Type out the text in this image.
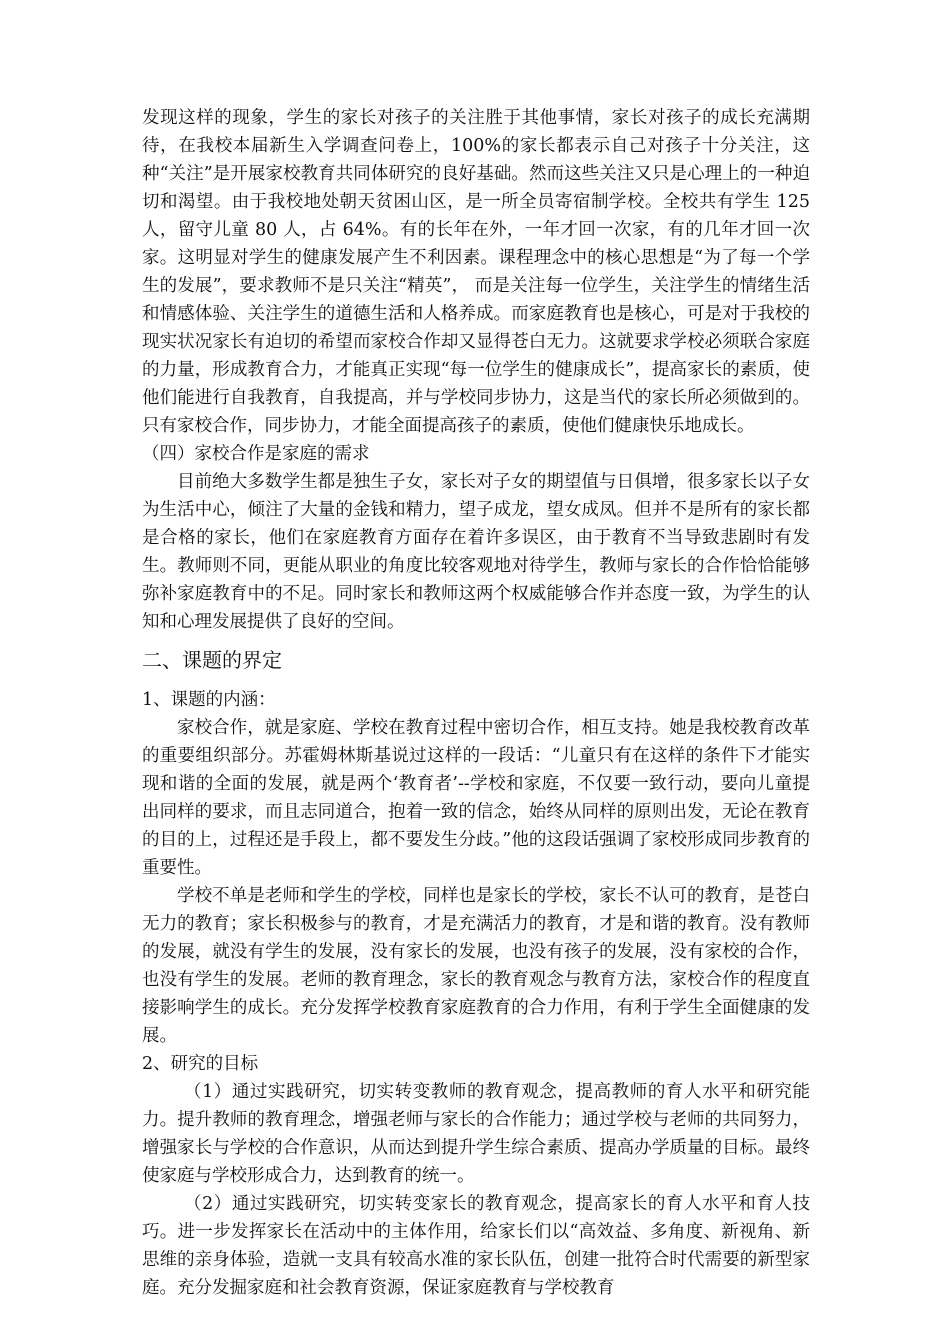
发现这样的现象，学生的家长对孩子的关注胜于其他事情，家长对孩子的成长充满期待，在我校本届新生入学调查问卷上，100%的家长都表示自己对孩子十分关注，这种“关注”是开展家校教育共同体研究的良好基础。然而这些关注又只是心理上的一种迫切和渴望。由于我校地处朝天贫困山区，是一所全员寄宿制学校。全校共有学生 125 人，留守儿童 80 人，占 64%。有的长年在外，一年才回一次家，有的几年才回一次家。这明显对学生的健康发展产生不利因素。课程理念中的核心思想是“为了每一个学生的发展”，要求教师不是只关注“精英”， 而是关注每一位学生，关注学生的情绪生活和情感体验、关注学生的道德生活和人格养成。而家庭教育也是核心，可是对于我校的现实状况家长有迫切的希望而家校合作却又显得苍白无力。这就要求学校必须联合家庭的力量，形成教育合力，才能真正实现“每一位学生的健康成长”，提高家长的素质，使他们能进行自我教育，自我提高，并与学校同步协力，这是当代的家长所必须做到的。只有家校合作，同步协力，才能全面提高孩子的素质，使他们健康快乐地成长。

（四）家校合作是家庭的需求

目前绝大多数学生都是独生子女，家长对子女的期望值与日俱增，很多家长以子女为生活中心，倾注了大量的金钱和精力，望子成龙，望女成凤。但并不是所有的家长都是合格的家长，他们在家庭教育方面存在着许多误区，由于教育不当导致悲剧时有发生。教师则不同，更能从职业的角度比较客观地对待学生，教师与家长的合作恰恰能够弥补家庭教育中的不足。同时家长和教师这两个权威能够合作并态度一致，为学生的认知和心理发展提供了良好的空间。

二、课题的界定

1、课题的内涵：

家校合作，就是家庭、学校在教育过程中密切合作，相互支持。她是我校教育改革的重要组织部分。苏霍姆林斯基说过这样的一段话：“儿童只有在这样的条件下才能实现和谐的全面的发展，就是两个‘教育者’--学校和家庭，不仅要一致行动，要向儿童提出同样的要求，而且志同道合，抱着一致的信念，始终从同样的原则出发，无论在教育的目的上，过程还是手段上，都不要发生分歧。”他的这段话强调了家校形成同步教育的重要性。

学校不单是老师和学生的学校，同样也是家长的学校，家长不认可的教育，是苍白无力的教育；家长积极参与的教育，才是充满活力的教育，才是和谐的教育。没有教师的发展，就没有学生的发展，没有家长的发展，也没有孩子的发展，没有家校的合作，也没有学生的发展。老师的教育理念，家长的教育观念与教育方法，家校合作的程度直接影响学生的成长。充分发挥学校教育家庭教育的合力作用，有利于学生全面健康的发展。

2、研究的目标

（1）通过实践研究，切实转变教师的教育观念，提高教师的育人水平和研究能力。提升教师的教育理念，增强老师与家长的合作能力；通过学校与老师的共同努力，增强家长与学校的合作意识，从而达到提升学生综合素质、提高办学质量的目标。最终使家庭与学校形成合力，达到教育的统一。

（2）通过实践研究，切实转变家长的教育观念，提高家长的育人水平和育人技巧。进一步发挥家长在活动中的主体作用，给家长们以“高效益、多角度、新视角、新思维的亲身体验，造就一支具有较高水准的家长队伍，创建一批符合时代需要的新型家庭。充分发掘家庭和社会教育资源，保证家庭教育与学校教育
